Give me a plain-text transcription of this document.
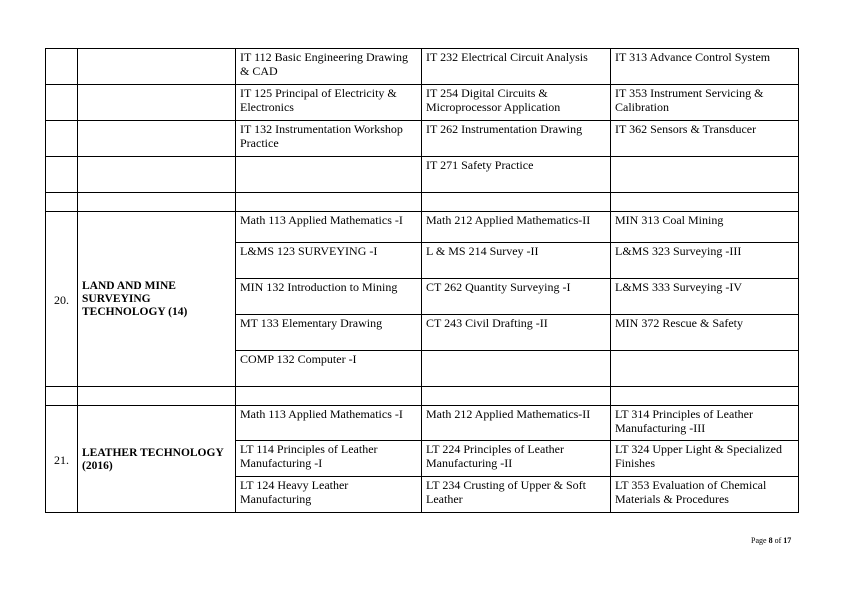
		IT 112 Basic Engineering Drawing & CAD	IT 232 Electrical Circuit Analysis	IT 313 Advance Control System
		IT 125 Principal of Electricity & Electronics	IT 254 Digital Circuits & Microprocessor Application	IT 353 Instrument Servicing & Calibration
		IT 132 Instrumentation Workshop Practice	IT 262 Instrumentation Drawing	IT 362 Sensors & Transducer
			IT 271 Safety Practice	

20.	LAND AND MINE SURVEYING TECHNOLOGY (14)	Math 113 Applied Mathematics -I	Math 212 Applied Mathematics-II	MIN 313 Coal Mining
		L&MS 123 SURVEYING -I	L & MS 214 Survey -II	L&MS 323 Surveying -III
		MIN 132 Introduction to Mining	CT 262 Quantity Surveying -I	L&MS 333 Surveying -IV
		MT 133 Elementary Drawing	CT 243 Civil Drafting -II	MIN 372 Rescue & Safety
		COMP 132 Computer -I		

21.	LEATHER TECHNOLOGY (2016)	Math 113 Applied Mathematics -I	Math 212 Applied Mathematics-II	LT 314 Principles of Leather Manufacturing -III
		LT 114 Principles of Leather Manufacturing -I	LT 224 Principles of Leather Manufacturing -II	LT 324 Upper Light & Specialized Finishes
		LT 124 Heavy Leather Manufacturing	LT 234 Crusting of Upper & Soft Leather	LT 353 Evaluation of Chemical Materials & Procedures
Page 8 of 17
